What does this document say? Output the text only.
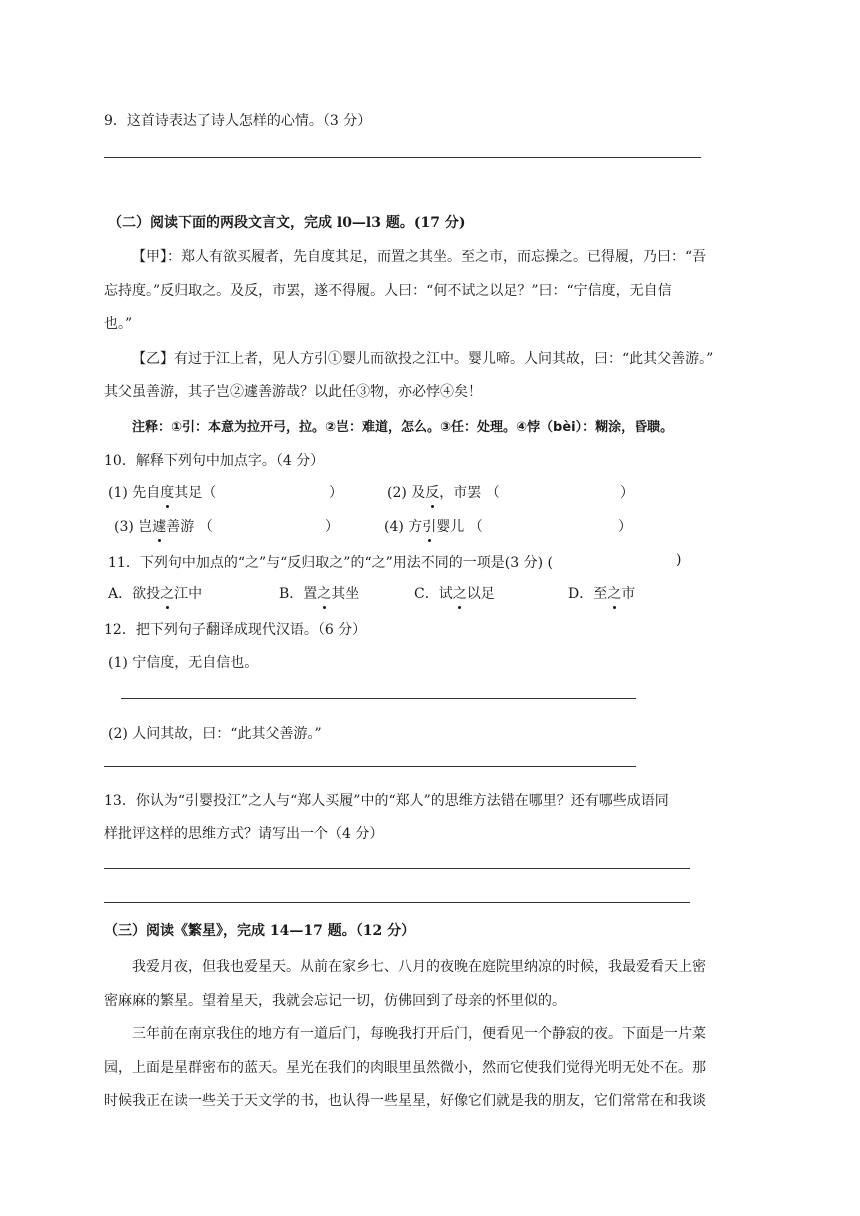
9．这首诗表达了诗人怎样的心情。（3 分）
（二）阅读下面的两段文言文，完成 l0—l3 题。(17 分)
【甲】：郑人有欲买履者，先自度其足，而置之其坐。至之市，而忘操之。已得履，乃曰：“吾
忘持度。”反归取之。及反，市罢，遂不得履。人曰：“何不试之以足？”曰：“宁信度，无自信
也。”
【乙】有过于江上者，见人方引①婴儿而欲投之江中。婴儿啼。人问其故，曰：“此其父善游。”
其父虽善游，其子岂②遽善游哉？以此任③物，亦必悖④矣！
注释：①引：本意为拉开弓，拉。②岂：难道，怎么。③任：处理。④悖（bèi）：糊涂，昏聩。
10．解释下列句中加点字。（4 分）
(1) 先自度其足（	）	(2) 及反，市罢 （	）
(3) 岂遽善游 （	）	(4) 方引婴儿 （	）
11．下列句中加点的“之”与“反归取之”的“之”用法不同的一项是(3 分) (	)
A．欲投之江中	B．置之其坐	C．试之以足	D．至之市
12．把下列句子翻译成现代汉语。（6 分）
(1) 宁信度，无自信也。
(2) 人问其故，曰：“此其父善游。”
13．你认为“引婴投江”之人与“郑人买履”中的“郑人”的思维方法错在哪里？还有哪些成语同
样批评这样的思维方式？请写出一个（4 分）
（三）阅读《繁星》，完成 14—17 题。（12 分）
我爱月夜，但我也爱星天。从前在家乡七、八月的夜晚在庭院里纳凉的时候，我最爱看天上密
密麻麻的繁星。望着星天，我就会忘记一切，仿佛回到了母亲的怀里似的。
三年前在南京我住的地方有一道后门，每晚我打开后门，便看见一个静寂的夜。下面是一片菜
园，上面是星群密布的蓝天。星光在我们的肉眼里虽然微小，然而它使我们觉得光明无处不在。那
时候我正在读一些关于天文学的书，也认得一些星星，好像它们就是我的朋友，它们常常在和我谈
